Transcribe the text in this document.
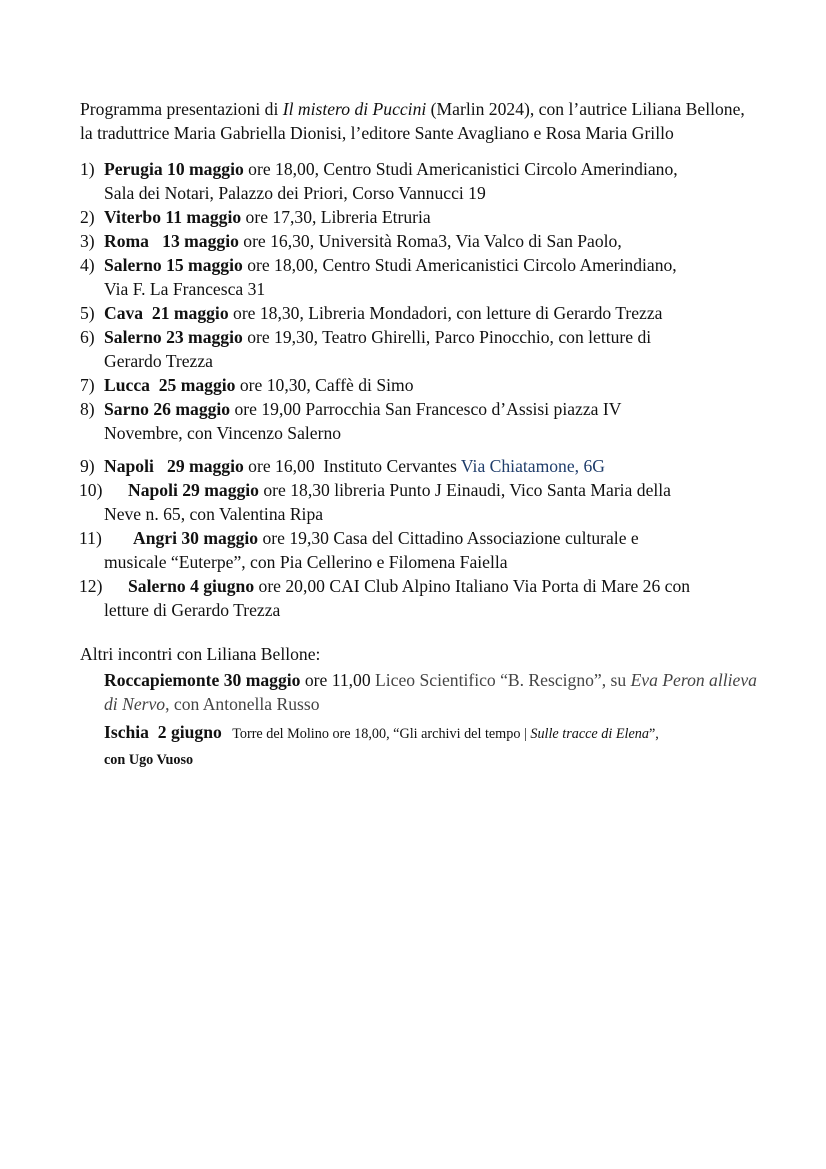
Programma presentazioni di Il mistero di Puccini (Marlin 2024), con l’autrice Liliana Bellone, la traduttrice Maria Gabriella Dionisi, l’editore Sante Avagliano e Rosa Maria Grillo

1) Perugia 10 maggio ore 18,00, Centro Studi Americanistici Circolo Amerindiano,
Sala dei Notari, Palazzo dei Priori, Corso Vannucci 19
2) Viterbo 11 maggio ore 17,30, Libreria Etruria
3) Roma   13 maggio ore 16,30, Università Roma3, Via Valco di San Paolo,
4) Salerno 15 maggio ore 18,00, Centro Studi Americanistici Circolo Amerindiano,
Via F. La Francesca 31
5) Cava  21 maggio ore 18,30, Libreria Mondadori, con letture di Gerardo Trezza
6) Salerno 23 maggio ore 19,30, Teatro Ghirelli, Parco Pinocchio, con letture di
Gerardo Trezza
7) Lucca  25 maggio ore 10,30, Caffè di Simo
8) Sarno 26 maggio ore 19,00 Parrocchia San Francesco d’Assisi piazza IV
Novembre, con Vincenzo Salerno
9) Napoli   29 maggio ore 16,00  Instituto Cervantes Via Chiatamone, 6G
10) Napoli 29 maggio ore 18,30 libreria Punto J Einaudi, Vico Santa Maria della
Neve n. 65, con Valentina Ripa
11) Angri 30 maggio ore 19,30 Casa del Cittadino Associazione culturale e
musicale “Euterpe”, con Pia Cellerino e Filomena Faiella
12) Salerno 4 giugno ore 20,00 CAI Club Alpino Italiano Via Porta di Mare 26 con
letture di Gerardo Trezza
Altri incontri con Liliana Bellone:
Roccapiemonte 30 maggio ore 11,00 Liceo Scientifico “B. Rescigno”, su Eva Peron allieva di Nervo, con Antonella Russo
Ischia  2 giugno   Torre del Molino ore 18,00, “Gli archivi del tempo | Sulle tracce di Elena”,
con Ugo Vuoso
